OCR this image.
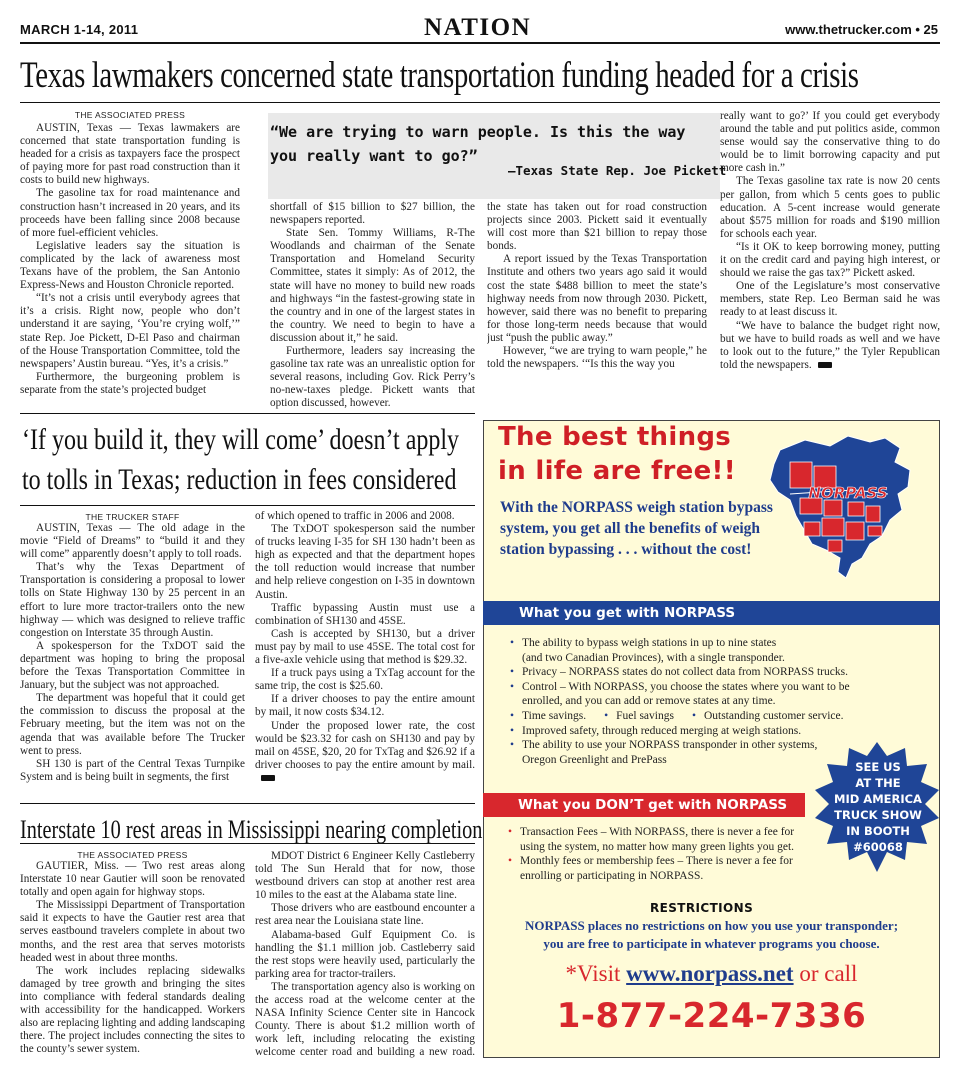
MARCH 1-14, 2011	NATION	www.thetrucker.com • 25
Texas lawmakers concerned state transportation funding headed for a crisis
THE ASSOCIATED PRESS

AUSTIN, Texas — Texas lawmakers are concerned that state transportation funding is headed for a crisis as taxpayers face the prospect of paying more for past road construction than it costs to build new highways.

The gasoline tax for road maintenance and construction hasn’t increased in 20 years, and its proceeds have been falling since 2008 because of more fuel-efficient vehicles.

Legislative leaders say the situation is complicated by the lack of awareness most Texans have of the problem, the San Antonio Express-News and Houston Chronicle reported.

“It’s not a crisis until everybody agrees that it’s a crisis. Right now, people who don’t understand it are saying, ‘You’re crying wolf,’” state Rep. Joe Pickett, D-El Paso and chairman of the House Transportation Committee, told the newspapers’ Austin bureau. “Yes, it’s a crisis.”

Furthermore, the burgeoning problem is separate from the state’s projected budget

“We are trying to warn people. Is this the way you really want to go?”
—Texas State Rep. Joe Pickett

shortfall of $15 billion to $27 billion, the newspapers reported.

State Sen. Tommy Williams, R-The Woodlands and chairman of the Senate Transportation and Homeland Security Committee, states it simply: As of 2012, the state will have no money to build new roads and highways “in the fastest-growing state in the country and in one of the largest states in the country. We need to begin to have a discussion about it,” he said.

Furthermore, leaders say increasing the gasoline tax rate was an unrealistic option for several reasons, including Gov. Rick Perry’s no-new-taxes pledge. Pickett wants that option discussed, however.

the state has taken out for road construction projects since 2003. Pickett said it eventually will cost more than $21 billion to repay those bonds.

A report issued by the Texas Transportation Institute and others two years ago said it would cost the state $488 billion to meet the state’s highway needs from now through 2030. Pickett, however, said there was no benefit to preparing for those long-term needs because that would just “push the public away.”

However, “we are trying to warn people,” he told the newspapers. ‘“Is this the way you

really want to go?’ If you could get everybody around the table and put politics aside, common sense would say the conservative thing to do would be to limit borrowing capacity and put more cash in.”

The Texas gasoline tax rate is now 20 cents per gallon, from which 5 cents goes to public education. A 5-cent increase would generate about $575 million for roads and $190 million for schools each year.

“Is it OK to keep borrowing money, putting it on the credit card and paying high interest, or should we raise the gas tax?” Pickett asked.

One of the Legislature’s most conservative members, state Rep. Leo Berman said he was ready to at least discuss it.

“We have to balance the budget right now, but we have to build roads as well and we have to look out to the future,” the Tyler Republican told the newspapers.

‘If you build it, they will come’ doesn’t apply
to tolls in Texas; reduction in fees considered
THE TRUCKER STAFF

AUSTIN, Texas — The old adage in the movie “Field of Dreams” to “build it and they will come” apparently doesn’t apply to toll roads.

That’s why the Texas Department of Transportation is considering a proposal to lower tolls on State Highway 130 by 25 percent in an effort to lure more tractor-trailers onto the new highway — which was designed to relieve traffic congestion on Interstate 35 through Austin.

A spokesperson for the TxDOT said the department was hoping to bring the proposal before the Texas Transportation Committee in January, but the subject was not approached.

The department was hopeful that it could get the commission to discuss the proposal at the February meeting, but the item was not on the agenda that was available before The Trucker went to press.

SH 130 is part of the Central Texas Turnpike System and is being built in segments, the first

of which opened to traffic in 2006 and 2008.

The TxDOT spokesperson said the number of trucks leaving I-35 for SH 130 hadn’t been as high as expected and that the department hopes the toll reduction would increase that number and help relieve congestion on I-35 in downtown Austin.

Traffic bypassing Austin must use a combination of SH130 and 45SE.

Cash is accepted by SH130, but a driver must pay by mail to use 45SE. The total cost for a five-axle vehicle using that method is $29.32.

If a truck pays using a TxTag account for the same trip, the cost is $25.60.

If a driver chooses to pay the entire amount by mail, it now costs $34.12.

Under the proposed lower rate, the cost would be $23.32 for cash on SH130 and pay by mail on 45SE, $20, 20 for TxTag and $26.92 if a driver chooses to pay the entire amount by mail.

Interstate 10 rest areas in Mississippi nearing completion
THE ASSOCIATED PRESS

GAUTIER, Miss. — Two rest areas along Interstate 10 near Gautier will soon be renovated totally and open again for highway stops.

The Mississippi Department of Transportation said it expects to have the Gautier rest area that serves eastbound travelers complete in about two months, and the rest area that serves motorists headed west in about three months.

The work includes replacing sidewalks damaged by tree growth and bringing the sites into compliance with federal standards dealing with accessibility for the handicapped. Workers also are replacing lighting and adding landscaping there. The project includes connecting the sites to the county’s sewer system.

MDOT District 6 Engineer Kelly Castleberry told The Sun Herald that for now, those westbound drivers can stop at another rest area 10 miles to the east at the Alabama state line.

Those drivers who are eastbound encounter a rest area near the Louisiana state line.

Alabama-based Gulf Equipment Co. is handling the $1.1 million job. Castleberry said the rest stops were heavily used, particularly the parking area for tractor-trailers.

The transportation agency also is working on the access road at the welcome center at the NASA Infinity Science Center site in Hancock County. There is about $1.2 million worth of work left, including relocating the existing welcome center road and building a new road.

The best things
in life are free!!
With the NORPASS weigh station bypass system, you get all the benefits of weigh station bypassing . . . without the cost!
NORPASS
What you get with NORPASS
• The ability to bypass weigh stations in up to nine states
(and two Canadian Provinces), with a single transponder.
• Privacy – NORPASS states do not collect data from NORPASS trucks.
• Control – With NORPASS, you choose the states where you want to be
enrolled, and you can add or remove states at any time.
• Time savings. • Fuel savings • Outstanding customer service.
• Improved safety, through reduced merging at weigh stations.
• The ability to use your NORPASS transponder in other systems,
Oregon Greenlight and PrePass
What you DON’T get with NORPASS
• Transaction Fees – With NORPASS, there is never a fee for
using the system, no matter how many green lights you get.
• Monthly fees or membership fees – There is never a fee for
enrolling or participating in NORPASS.
SEE US
AT THE
MID AMERICA
TRUCK SHOW
IN BOOTH
#60068
RESTRICTIONS
NORPASS places no restrictions on how you use your transponder;
you are free to participate in whatever programs you choose.
*Visit www.norpass.net or call
1-877-224-7336
